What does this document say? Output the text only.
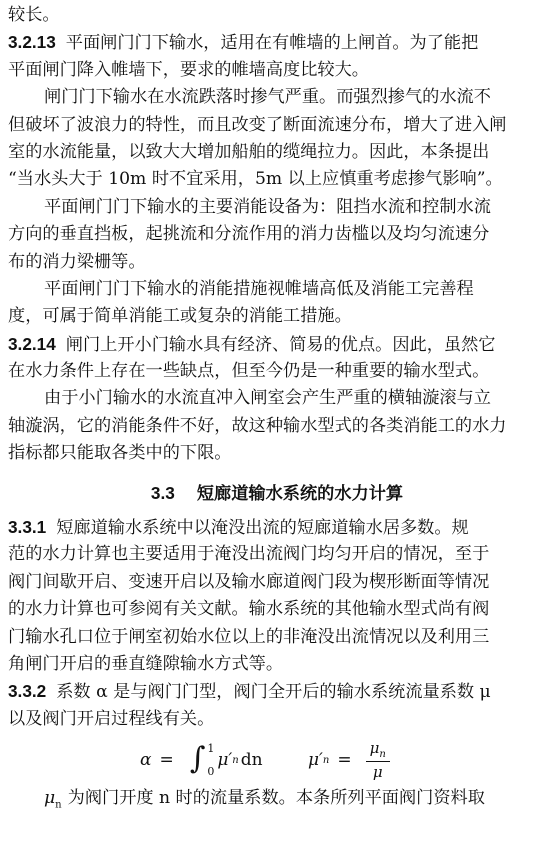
较长。
3.2.13 平面闸门门下输水，适用在有帷墙的上闸首。为了能把
平面闸门降入帷墙下，要求的帷墙高度比较大。
闸门门下输水在水流跌落时掺气严重。而强烈掺气的水流不
但破坏了波浪力的特性，而且改变了断面流速分布，增大了进入闸
室的水流能量，以致大大增加船舶的缆绳拉力。因此，本条提出
“当水头大于 10m 时不宜采用，5m 以上应慎重考虑掺气影响”。
平面闸门门下输水的主要消能设备为：阻挡水流和控制水流
方向的垂直挡板，起挑流和分流作用的消力齿槛以及均匀流速分
布的消力梁栅等。
平面闸门门下输水的消能措施视帷墙高低及消能工完善程
度，可属于简单消能工或复杂的消能工措施。
3.2.14 闸门上开小门输水具有经济、简易的优点。因此，虽然它
在水力条件上存在一些缺点，但至今仍是一种重要的输水型式。
由于小门输水的水流直冲入闸室会产生严重的横轴漩滚与立
轴漩涡，它的消能条件不好，故这种输水型式的各类消能工的水力
指标都只能取各类中的下限。
3.3 短廊道输水系统的水力计算
3.3.1 短廊道输水系统中以淹没出流的短廊道输水居多数。规
范的水力计算也主要适用于淹没出流阀门均匀开启的情况，至于
阀门间歇开启、变速开启以及输水廊道阀门段为楔形断面等情况
的水力计算也可参阅有关文献。输水系统的其他输水型式尚有阀
门输水孔口位于闸室初始水位以上的非淹没出流情况以及利用三
角闸门开启的垂直缝隙输水方式等。
3.3.2 系数 α 是与阀门门型，阀门全开后的输水系统流量系数 μ
以及阀门开启过程线有关。
α = ∫ 1
0
μ′ n dn	μ′ $n = \frac{\mu_n}{\mu}$
$\mu_n$ 为阀门开度 n 时的流量系数。本条所列平面阀门资料取
